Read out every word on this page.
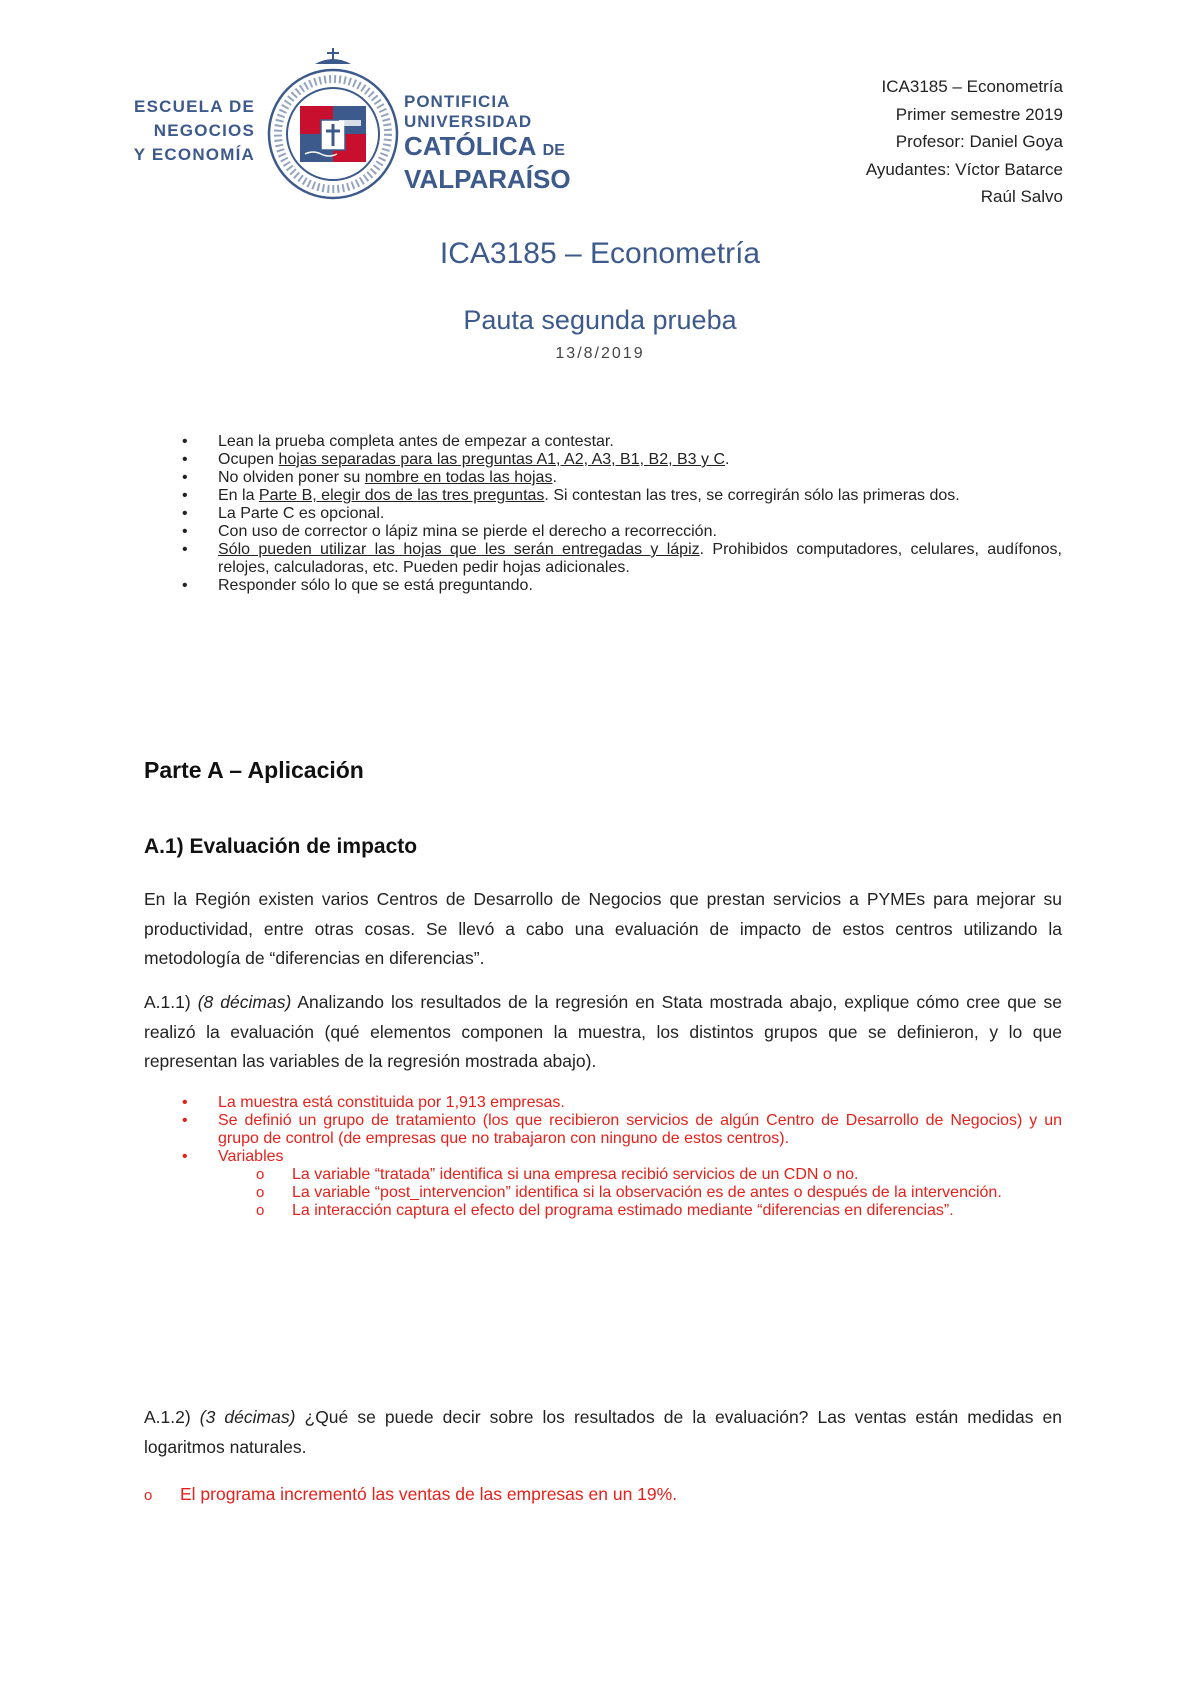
ESCUELA DE
NEGOCIOS
Y ECONOMÍA
PONTIFICIA
UNIVERSIDAD
CATÓLICA DE
VALPARAÍSO
ICA3185 – Econometría
Primer semestre 2019
Profesor: Daniel Goya
Ayudantes: Víctor Batarce
Raúl Salvo
ICA3185 – Econometría
Pauta segunda prueba
13/8/2019
• Lean la prueba completa antes de empezar a contestar.
• Ocupen hojas separadas para las preguntas A1, A2, A3, B1, B2, B3 y C.
• No olviden poner su nombre en todas las hojas.
• En la Parte B, elegir dos de las tres preguntas. Si contestan las tres, se corregirán sólo las primeras dos.
• La Parte C es opcional.
• Con uso de corrector o lápiz mina se pierde el derecho a recorrección.
• Sólo pueden utilizar las hojas que les serán entregadas y lápiz. Prohibidos computadores, celulares, audífonos, relojes, calculadoras, etc. Pueden pedir hojas adicionales.
• Responder sólo lo que se está preguntando.
Parte A – Aplicación
A.1) Evaluación de impacto
En la Región existen varios Centros de Desarrollo de Negocios que prestan servicios a PYMEs para mejorar su productividad, entre otras cosas. Se llevó a cabo una evaluación de impacto de estos centros utilizando la metodología de “diferencias en diferencias”.
A.1.1) (8 décimas) Analizando los resultados de la regresión en Stata mostrada abajo, explique cómo cree que se realizó la evaluación (qué elementos componen la muestra, los distintos grupos que se definieron, y lo que representan las variables de la regresión mostrada abajo).
• La muestra está constituida por 1,913 empresas.
• Se definió un grupo de tratamiento (los que recibieron servicios de algún Centro de Desarrollo de Negocios) y un grupo de control (de empresas que no trabajaron con ninguno de estos centros).
• Variables
o La variable “tratada” identifica si una empresa recibió servicios de un CDN o no.
o La variable “post_intervencion” identifica si la observación es de antes o después de la intervención.
o La interacción captura el efecto del programa estimado mediante “diferencias en diferencias”.
A.1.2) (3 décimas) ¿Qué se puede decir sobre los resultados de la evaluación? Las ventas están medidas en logaritmos naturales.
o El programa incrementó las ventas de las empresas en un 19%.
